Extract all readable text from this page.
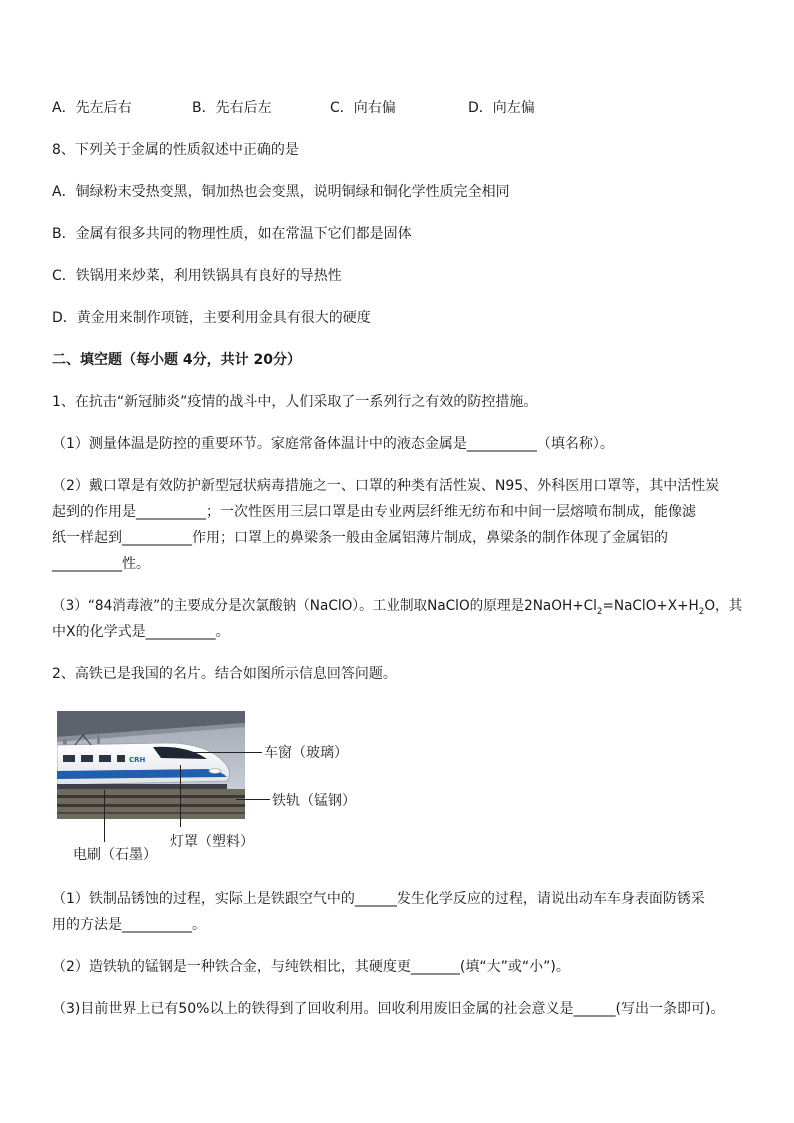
A．先左后右	B．先右后左	C．向右偏	D．向左偏
8、下列关于金属的性质叙述中正确的是
A．铜绿粉末受热变黑，铜加热也会变黑，说明铜绿和铜化学性质完全相同
B．金属有很多共同的物理性质，如在常温下它们都是固体
C．铁锅用来炒菜，利用铁锅具有良好的导热性
D．黄金用来制作项链，主要利用金具有很大的硬度
二、填空题（每小题 4分，共计 20分）
1、在抗击“新冠肺炎”疫情的战斗中，人们采取了一系列行之有效的防控措施。
（1）测量体温是防控的重要环节。家庭常备体温计中的液态金属是__________（填名称）。
（2）戴口罩是有效防护新型冠状病毒措施之一、口罩的种类有活性炭、N95、外科医用口罩等，其中活性炭
起到的作用是__________；一次性医用三层口罩是由专业两层纤维无纺布和中间一层熔喷布制成，能像滤
纸一样起到__________作用；口罩上的鼻梁条一般由金属铝薄片制成，鼻梁条的制作体现了金属铝的
__________性。
（3）“84消毒液”的主要成分是次氯酸钠（NaClO）。工业制取NaClO的原理是$2NaOH+Cl_2=NaClO+X+H_2O$，其
中X的化学式是__________。
2、高铁已是我国的名片。结合如图所示信息回答问题。
CRH	车窗（玻璃）
铁轨（锰钢）
灯罩（塑料）
电刷（石墨）
（1）铁制品锈蚀的过程，实际上是铁跟空气中的______发生化学反应的过程，请说出动车车身表面防锈采
用的方法是__________。
（2）造铁轨的锰钢是一种铁合金，与纯铁相比，其硬度更_______(填“大”或“小”)。
（3)目前世界上已有50%以上的铁得到了回收利用。回收利用废旧金属的社会意义是______(写出一条即可)。
